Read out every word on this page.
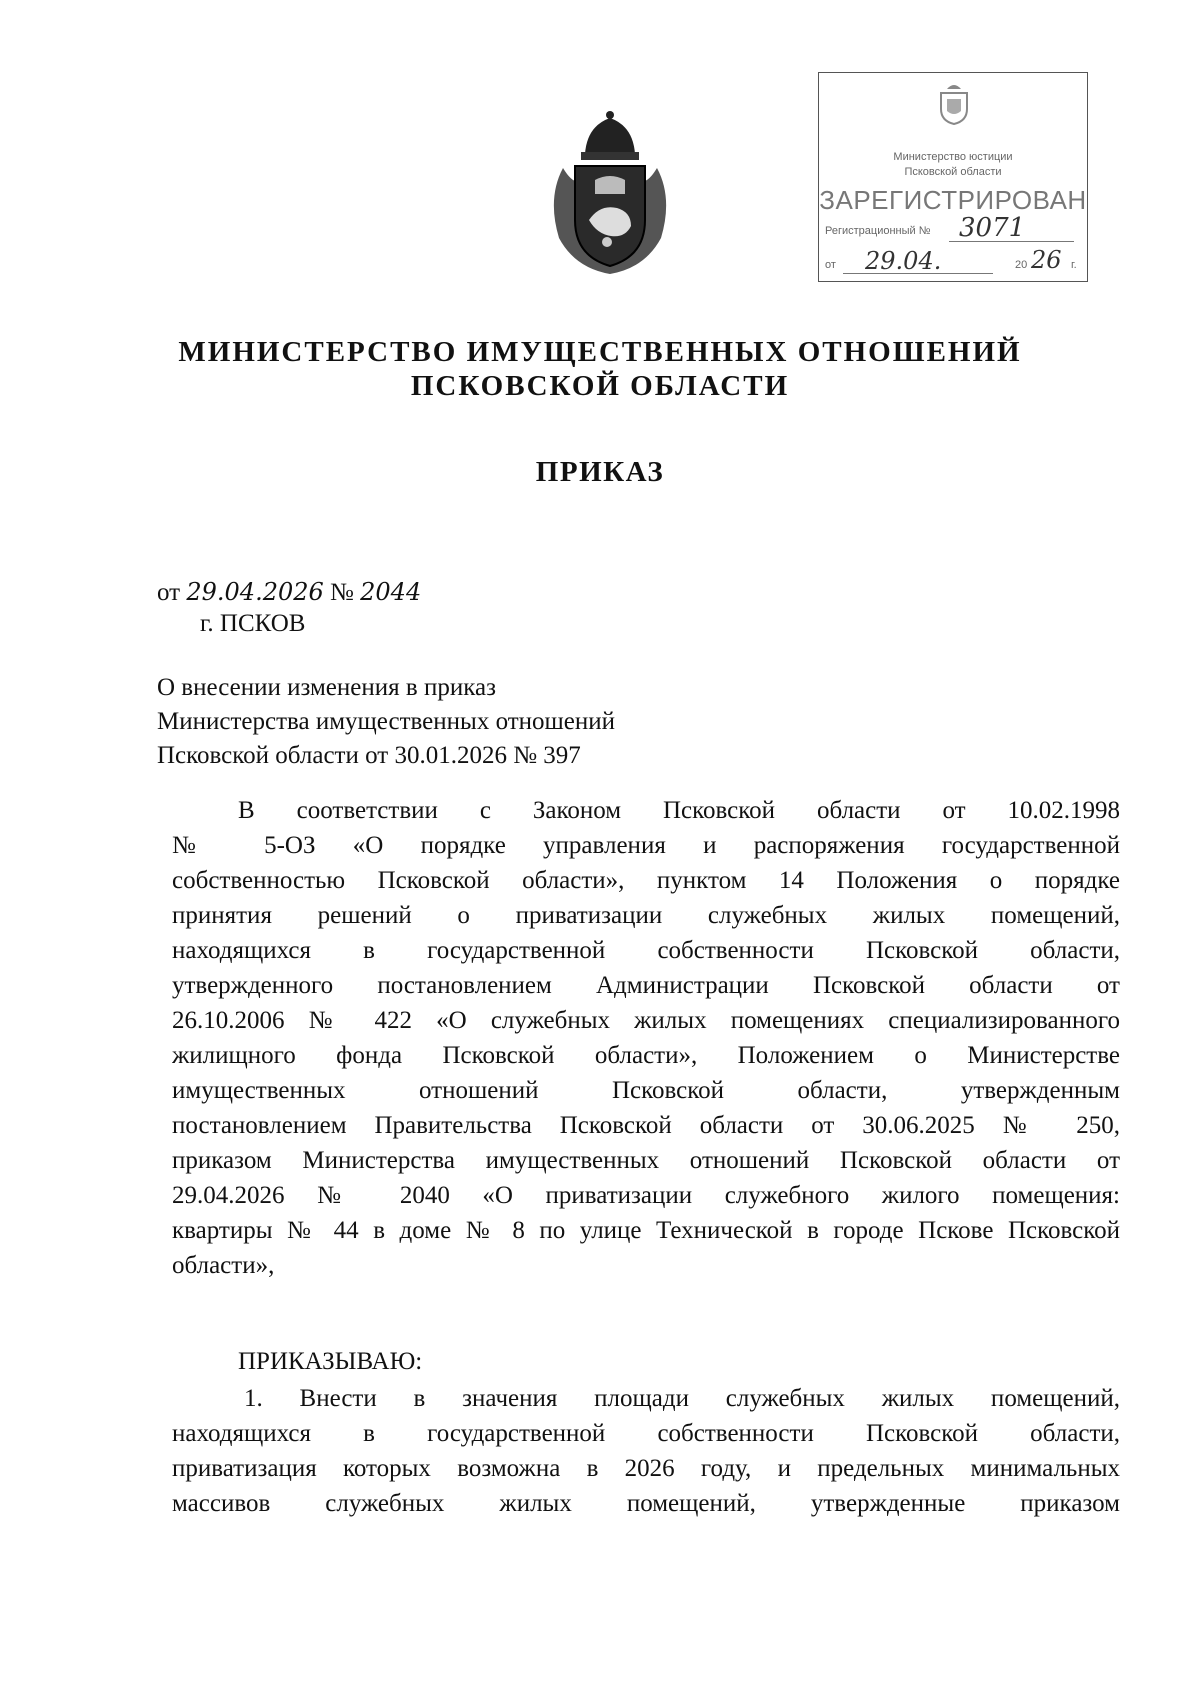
Министерство юстиции
Псковской области
ЗАРЕГИСТРИРОВАН
Регистрационный № 3071
от 29.04.	20 26 г.
МИНИСТЕРСТВО ИМУЩЕСТВЕННЫХ ОТНОШЕНИЙ
ПСКОВСКОЙ ОБЛАСТИ
ПРИКАЗ
от 29.04.2026 № 2044
г. ПСКОВ
О внесении изменения в приказ
Министерства имущественных отношений
Псковской области от 30.01.2026 № 397
В соответствии с Законом Псковской области от 10.02.1998
№ 5-ОЗ «О порядке управления и распоряжения государственной
собственностью Псковской области», пунктом 14 Положения о порядке
принятия решений о приватизации служебных жилых помещений,
находящихся в государственной собственности Псковской области,
утвержденного постановлением Администрации Псковской области от
26.10.2006 № 422 «О служебных жилых помещениях специализированного
жилищного фонда Псковской области», Положением о Министерстве
имущественных отношений Псковской области, утвержденным
постановлением Правительства Псковской области от 30.06.2025 № 250,
приказом Министерства имущественных отношений Псковской области от
29.04.2026 № 2040 «О приватизации служебного жилого помещения:
квартиры № 44 в доме № 8 по улице Технической в городе Пскове Псковской
области»,
ПРИКАЗЫВАЮ:
1. Внести в значения площади служебных жилых помещений,
находящихся в государственной собственности Псковской области,
приватизация которых возможна в 2026 году, и предельных минимальных
массивов служебных жилых помещений, утвержденные приказом
